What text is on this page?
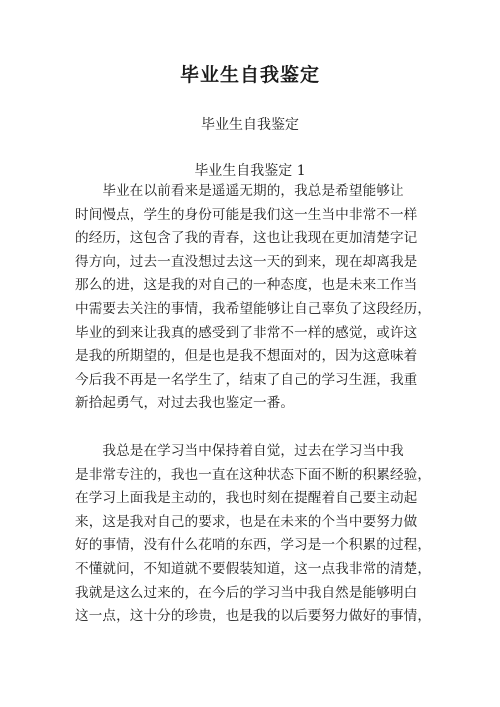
毕业生自我鉴定
毕业生自我鉴定
毕业生自我鉴定 1
　　毕业在以前看来是遥遥无期的，我总是希望能够让
时间慢点，学生的身份可能是我们这一生当中非常不一样
的经历，这包含了我的青春，这也让我现在更加清楚字记
得方向，过去一直没想过去这一天的到来，现在却离我是
那么的进，这是我的对自己的一种态度，也是未来工作当
中需要去关注的事情，我希望能够让自己辜负了这段经历，
毕业的到来让我真的感受到了非常不一样的感觉，或许这
是我的所期望的，但是也是我不想面对的，因为这意味着
今后我不再是一名学生了，结束了自己的学习生涯，我重
新拾起勇气，对过去我也鉴定一番。
　　我总是在学习当中保持着自觉，过去在学习当中我
是非常专注的，我也一直在这种状态下面不断的积累经验，
在学习上面我是主动的，我也时刻在提醒着自己要主动起
来，这是我对自己的要求，也是在未来的个当中要努力做
好的事情，没有什么花哨的东西，学习是一个积累的过程，
不懂就问，不知道就不要假装知道，这一点我非常的清楚，
我就是这么过来的，在今后的学习当中我自然是能够明白
这一点，这十分的珍贵，也是我的以后要努力做好的事情，
